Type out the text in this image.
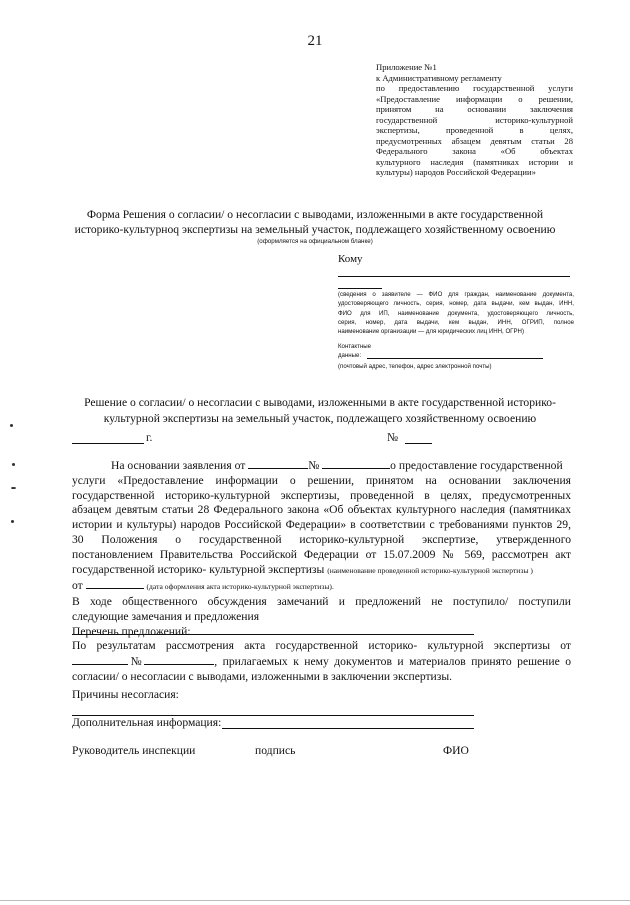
21
Приложение №1
к Административному регламенту
по предоставлению государственной услуги
«Предоставление информации о решении,
принятом на основании заключения
государственной историко-культурной
экспертизы, проведенной в целях,
предусмотренных абзацем девятым статьи 28
Федерального закона «Об объектах
культурного наследия (памятниках истории и
культуры) народов Российской Федерации»
Форма Решения о согласии/ о несогласии с выводами, изложенными в акте государственной
историко-культурноq экспертизы на земельный участок, подлежащего хозяйственному освоению
(оформляется на официальном бланке)
Кому
(сведения о заявителе — ФИО для граждан, наименование документа,
удостоверяющего личность, серия, номер, дата выдачи, кем выдан, ИНН,
ФИО для ИП, наименование документа, удостоверяющего личность,
серия, номер, дата выдачи, кем выдан, ИНН, ОГРИП, полное
наименование организации — для юридических лиц ИНН, ОГРН)
Контактные
данные:
(почтовый адрес, телефон, адрес электронной почты)
Решение о согласии/ о несогласии с выводами, изложенными в акте государственной историко-
культурной экспертизы на земельный участок, подлежащего хозяйственному освоению
г.	№
На основании заявления от	№	о предоставление государственной
услуги «Предоставление информации о решении, принятом на основании заключения
государственной историко-культурной экспертизы, проведенной в целях, предусмотренных
абзацем девятым статьи 28 Федерального закона «Об объектах культурного наследия (памятниках
истории и культуры) народов Российской Федерации» в соответствии с требованиями пунктов 29,
30 Положения о государственной историко-культурной экспертизе, утвержденного
постановлением Правительства Российской Федерации от 15.07.2009 № 569, рассмотрен акт
государственной историко- культурной экспертизы (наименование проведенной историко-культурной экспертизы )
от	(дата оформления акта историко-культурной экспертизы).
В ходе общественного обсуждения замечаний и предложений не поступило/ поступили
следующие замечания и предложения
Перечень предложений:
По результатам рассмотрения акта государственной историко- культурной экспертизы от
№	, прилагаемых к нему документов и материалов принято решение о
согласии/ о несогласии с выводами, изложенными в заключении экспертизы.
Причины несогласия:
Дополнительная информация:
Руководитель инспекции	подпись	ФИО
